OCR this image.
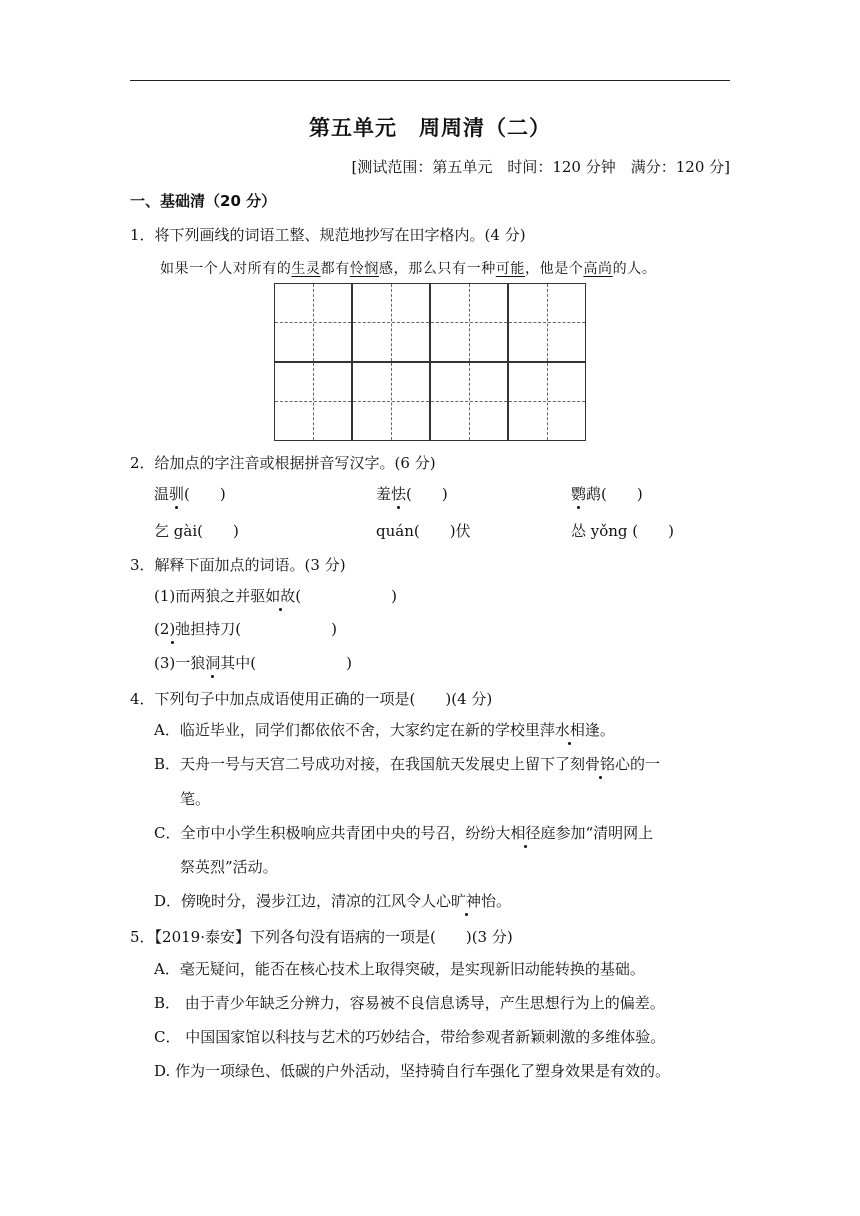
第五单元　周周清（二）
[测试范围：第五单元　时间：120 分钟　满分：120 分]
一、基础清（20 分）
1．将下列画线的词语工整、规范地抄写在田字格内。(4 分)
如果一个人对所有的生灵都有怜悯感，那么只有一种可能，他是个高尚的人。
2．给加点的字注音或根据拼音写汉字。(6 分)
温驯(　　)	羞怯(　　)	鹦鹉(　　)
乞 gài(　　)	quán(　　)伏	怂 yǒng (　　)
3．解释下面加点的词语。(3 分)
(1)而两狼之并驱如故(　　　　　　)
(2)弛担持刀(　　　　　　)
(3)一狼洞其中(　　　　　　)
4．下列句子中加点成语使用正确的一项是(　　)(4 分)
A．临近毕业，同学们都依依不舍，大家约定在新的学校里萍水相逢。
B．天舟一号与天宫二号成功对接，在我国航天发展史上留下了刻骨铭心的一
笔。
C．全市中小学生积极响应共青团中央的号召，纷纷大相径庭参加“清明网上
祭英烈”活动。
D．傍晚时分，漫步江边，清凉的江风令人心旷神怡。
5．【2019·泰安】下列各句没有语病的一项是(　　)(3 分)
A．毫无疑问，能否在核心技术上取得突破，是实现新旧动能转换的基础。
B． 由于青少年缺乏分辨力，容易被不良信息诱导，产生思想行为上的偏差。
C． 中国国家馆以科技与艺术的巧妙结合，带给参观者新颖刺激的多维体验。
D. 作为一项绿色、低碳的户外活动，坚持骑自行车强化了塑身效果是有效的。
